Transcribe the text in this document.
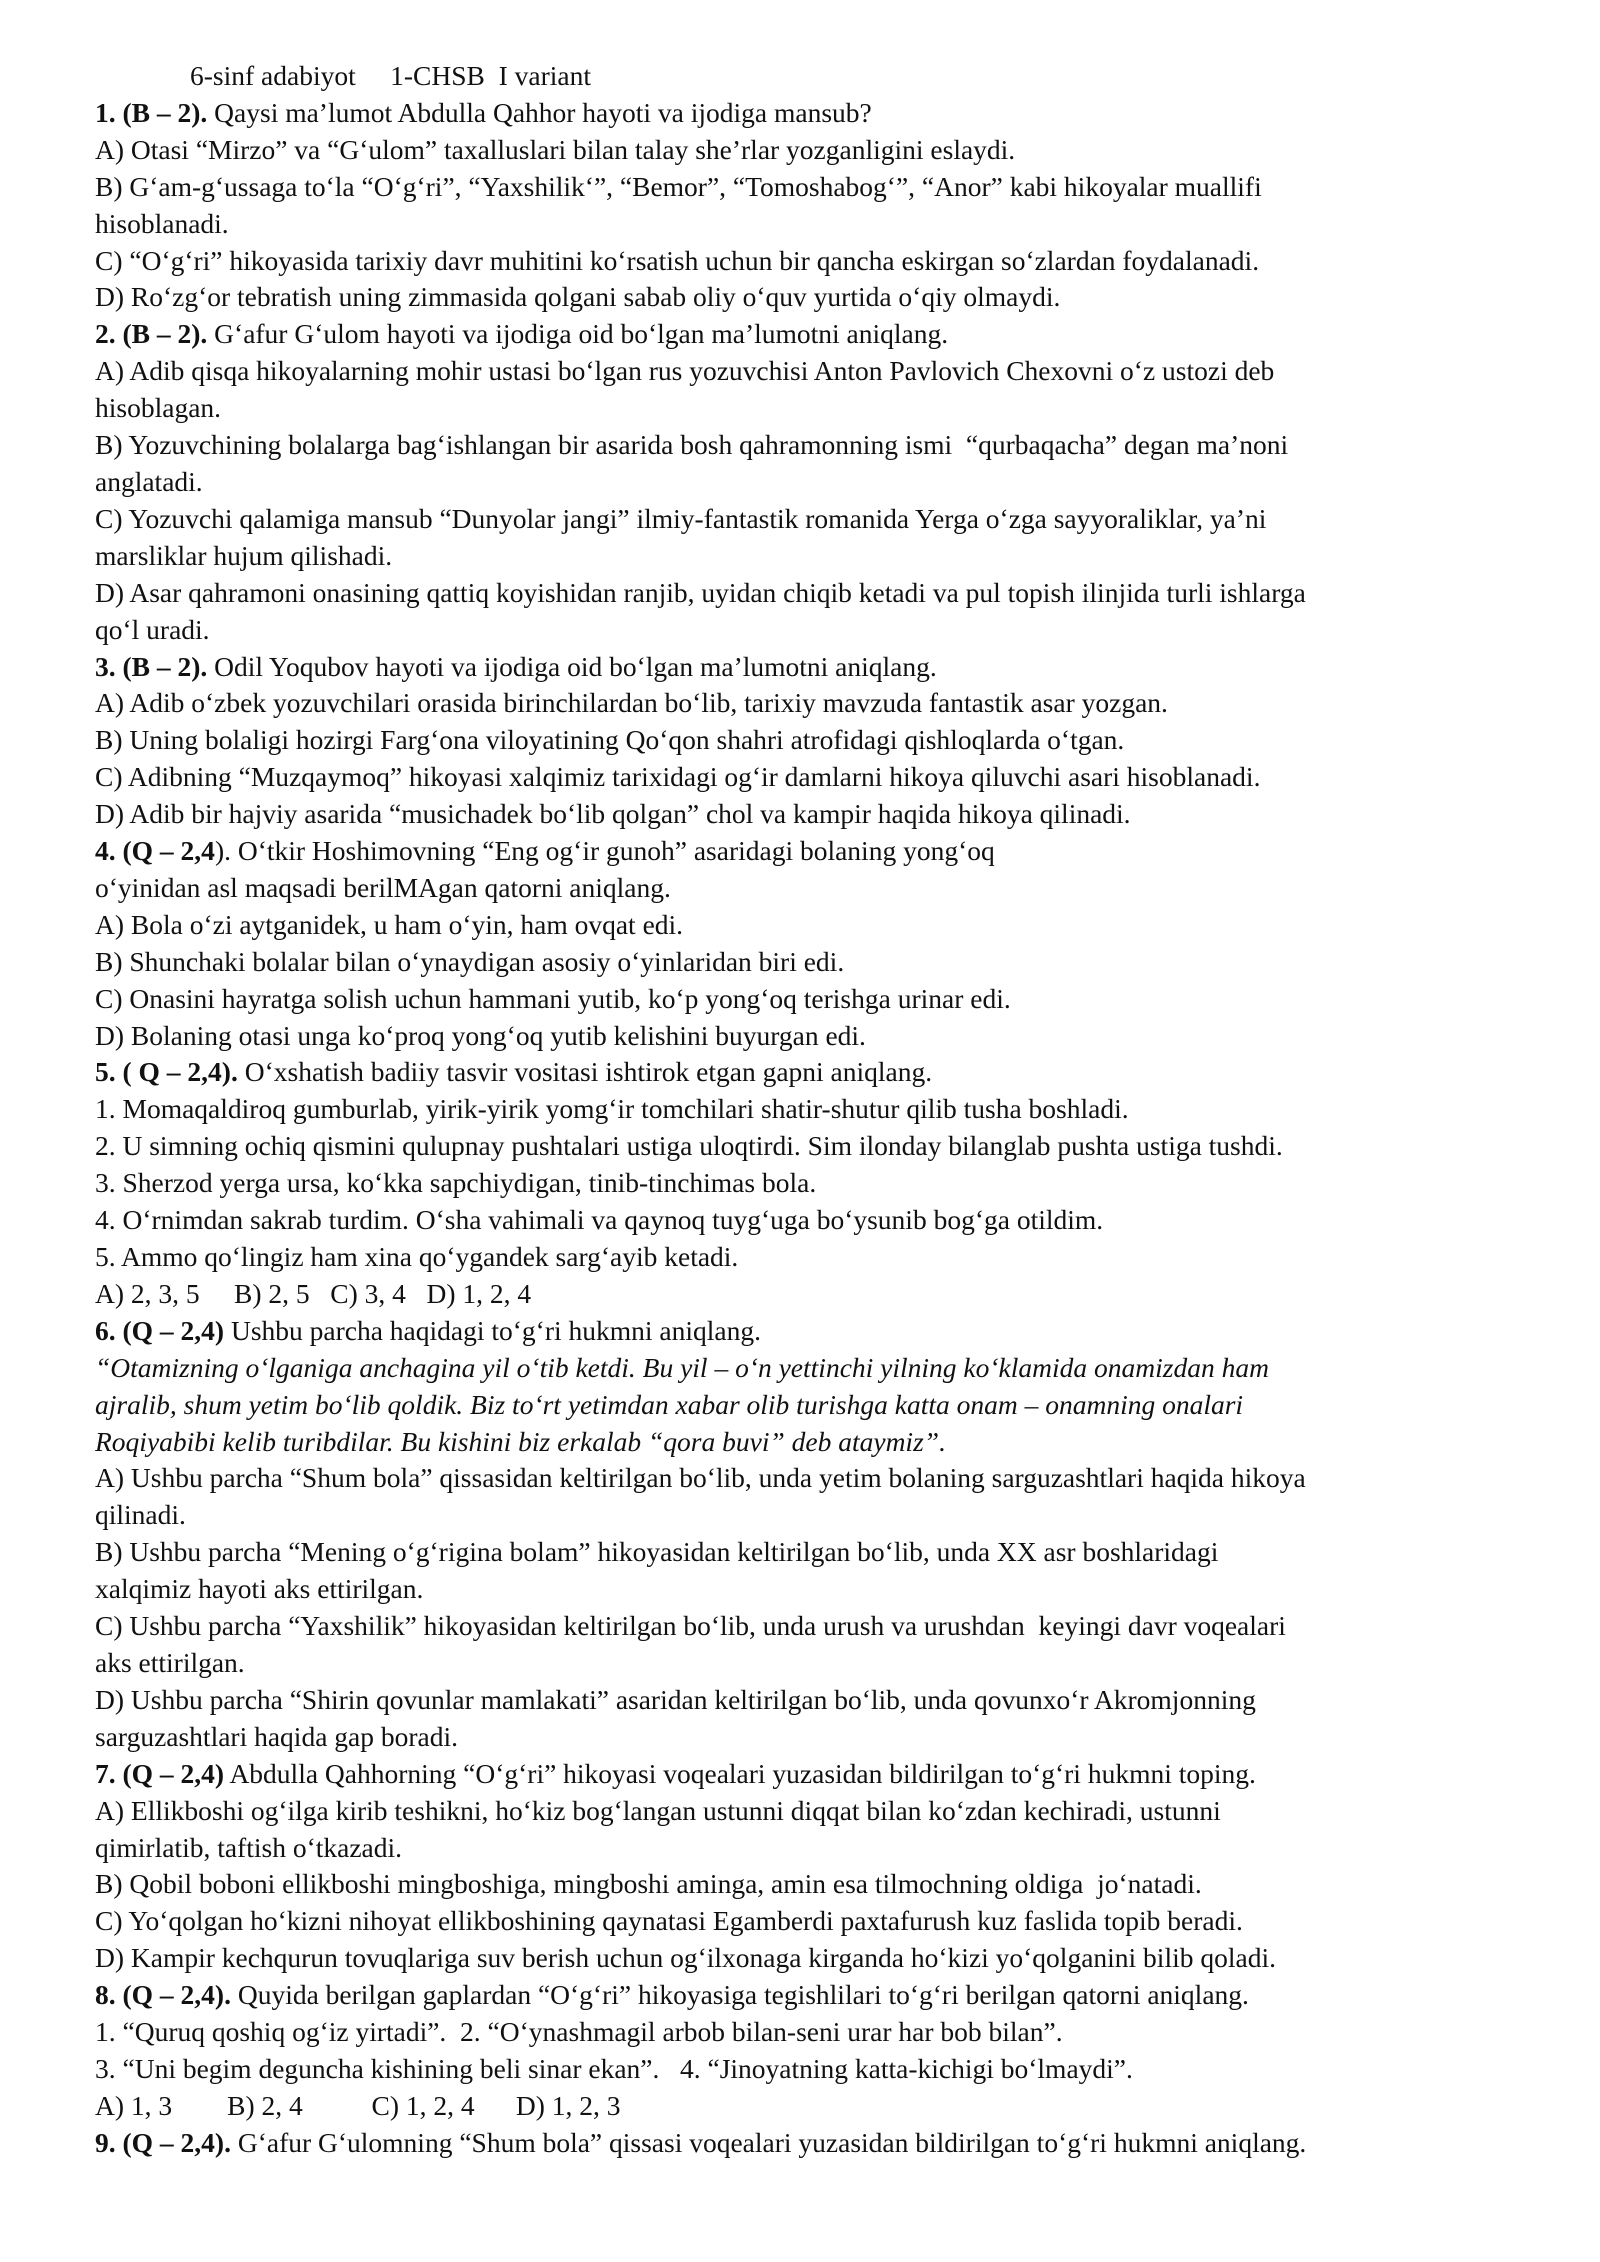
6-sinf adabiyot 1-CHSB I variant

1. (B – 2). Qaysi ma’lumot Abdulla Qahhor hayoti va ijodiga mansub?

A) Otasi “Mirzo” va “G‘ulom” taxalluslari bilan talay she’rlar yozganligini eslaydi.

B) G‘am-g‘ussaga to‘la “O‘g‘ri”, “Yaxshilik‘”, “Bemor”, “Tomoshabog‘”, “Anor” kabi hikoyalar muallifi

hisoblanadi.

C) “O‘g‘ri” hikoyasida tarixiy davr muhitini ko‘rsatish uchun bir qancha eskirgan so‘zlardan foydalanadi.

D) Ro‘zg‘or tebratish uning zimmasida qolgani sabab oliy o‘quv yurtida o‘qiy olmaydi.

2. (B – 2). G‘afur G‘ulom hayoti va ijodiga oid bo‘lgan ma’lumotni aniqlang.

A) Adib qisqa hikoyalarning mohir ustasi bo‘lgan rus yozuvchisi Anton Pavlovich Chexovni o‘z ustozi deb

hisoblagan.

B) Yozuvchining bolalarga bag‘ishlangan bir asarida bosh qahramonning ismi  “qurbaqacha” degan ma’noni

anglatadi.

C) Yozuvchi qalamiga mansub “Dunyolar jangi” ilmiy-fantastik romanida Yerga o‘zga sayyoraliklar, ya’ni

marsliklar hujum qilishadi.

D) Asar qahramoni onasining qattiq koyishidan ranjib, uyidan chiqib ketadi va pul topish ilinjida turli ishlarga

qo‘l uradi.

3. (B – 2). Odil Yoqubov hayoti va ijodiga oid bo‘lgan ma’lumotni aniqlang.

A) Adib o‘zbek yozuvchilari orasida birinchilardan bo‘lib, tarixiy mavzuda fantastik asar yozgan.

B) Uning bolaligi hozirgi Farg‘ona viloyatining Qo‘qon shahri atrofidagi qishloqlarda o‘tgan.

C) Adibning “Muzqaymoq” hikoyasi xalqimiz tarixidagi og‘ir damlarni hikoya qiluvchi asari hisoblanadi.

D) Adib bir hajviy asarida “musichadek bo‘lib qolgan” chol va kampir haqida hikoya qilinadi.

4. (Q – 2,4). O‘tkir Hoshimovning “Eng og‘ir gunoh” asaridagi bolaning yong‘oq

o‘yinidan asl maqsadi berilMAgan qatorni aniqlang.

A) Bola o‘zi aytganidek, u ham o‘yin, ham ovqat edi.

B) Shunchaki bolalar bilan o‘ynaydigan asosiy o‘yinlaridan biri edi.

C) Onasini hayratga solish uchun hammani yutib, ko‘p yong‘oq terishga urinar edi.

D) Bolaning otasi unga ko‘proq yong‘oq yutib kelishini buyurgan edi.

5. ( Q – 2,4). O‘xshatish badiiy tasvir vositasi ishtirok etgan gapni aniqlang.

1. Momaqaldiroq gumburlab, yirik-yirik yomg‘ir tomchilari shatir-shutur qilib tusha boshladi.

2. U simning ochiq qismini qulupnay pushtalari ustiga uloqtirdi. Sim ilonday bilanglab pushta ustiga tushdi.

3. Sherzod yerga ursa, ko‘kka sapchiydigan, tinib-tinchimas bola.

4. O‘rnimdan sakrab turdim. O‘sha vahimali va qaynoq tuyg‘uga bo‘ysunib bog‘ga otildim.

5. Ammo qo‘lingiz ham xina qo‘ygandek sarg‘ayib ketadi.

A) 2, 3, 5     B) 2, 5   C) 3, 4   D) 1, 2, 4

6. (Q – 2,4) Ushbu parcha haqidagi to‘g‘ri hukmni aniqlang.

“Otamizning o‘lganiga anchagina yil o‘tib ketdi. Bu yil – o‘n yettinchi yilning ko‘klamida onamizdan ham

ajralib, shum yetim bo‘lib qoldik. Biz to‘rt yetimdan xabar olib turishga katta onam – onamning onalari

Roqiyabibi kelib turibdilar. Bu kishini biz erkalab “qora buvi” deb ataymiz”.

A) Ushbu parcha “Shum bola” qissasidan keltirilgan bo‘lib, unda yetim bolaning sarguzashtlari haqida hikoya

qilinadi.

B) Ushbu parcha “Mening o‘g‘rigina bolam” hikoyasidan keltirilgan bo‘lib, unda XX asr boshlaridagi

xalqimiz hayoti aks ettirilgan.

C) Ushbu parcha “Yaxshilik” hikoyasidan keltirilgan bo‘lib, unda urush va urushdan  keyingi davr voqealari

aks ettirilgan.

D) Ushbu parcha “Shirin qovunlar mamlakati” asaridan keltirilgan bo‘lib, unda qovunxo‘r Akromjonning

sarguzashtlari haqida gap boradi.

7. (Q – 2,4) Abdulla Qahhorning “O‘g‘ri” hikoyasi voqealari yuzasidan bildirilgan to‘g‘ri hukmni toping.

A) Ellikboshi og‘ilga kirib teshikni, ho‘kiz bog‘langan ustunni diqqat bilan ko‘zdan kechiradi, ustunni

qimirlatib, taftish o‘tkazadi.

B) Qobil boboni ellikboshi mingboshiga, mingboshi aminga, amin esa tilmochning oldiga  jo‘natadi.

C) Yo‘qolgan ho‘kizni nihoyat ellikboshining qaynatasi Egamberdi paxtafurush kuz faslida topib beradi.

D) Kampir kechqurun tovuqlariga suv berish uchun og‘ilxonaga kirganda ho‘kizi yo‘qolganini bilib qoladi.

8. (Q – 2,4). Quyida berilgan gaplardan “O‘g‘ri” hikoyasiga tegishlilari to‘g‘ri berilgan qatorni aniqlang.

1. “Quruq qoshiq og‘iz yirtadi”.  2. “O‘ynashmagil arbob bilan-seni urar har bob bilan”.

3. “Uni begim deguncha kishining beli sinar ekan”.   4. “Jinoyatning katta-kichigi bo‘lmaydi”.

A) 1, 3        B) 2, 4          C) 1, 2, 4      D) 1, 2, 3

9. (Q – 2,4). G‘afur G‘ulomning “Shum bola” qissasi voqealari yuzasidan bildirilgan to‘g‘ri hukmni aniqlang.
